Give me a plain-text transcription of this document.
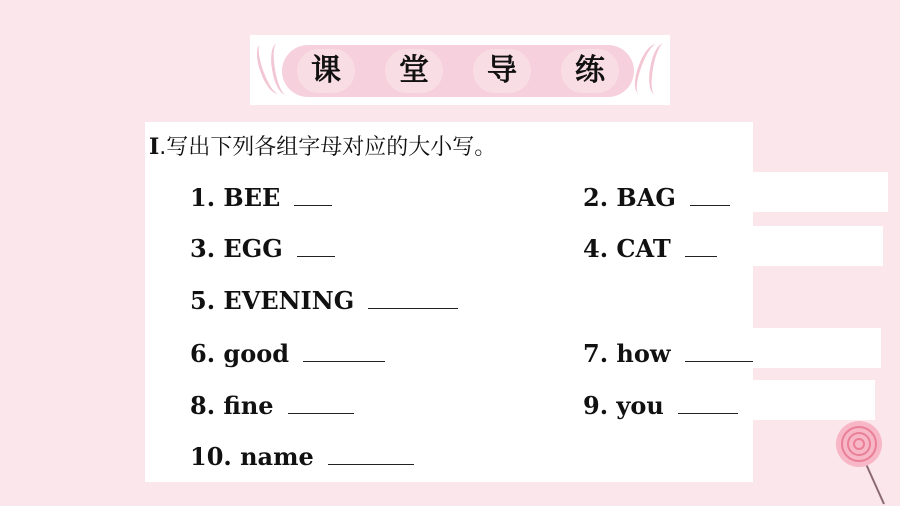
课	堂	导	练
Ⅰ.写出下列各组字母对应的大小写。
1. BEE	2. BAG
3. EGG	4. CAT
5. EVENING
6. good	7. how
8. fine	9. you
10. name
